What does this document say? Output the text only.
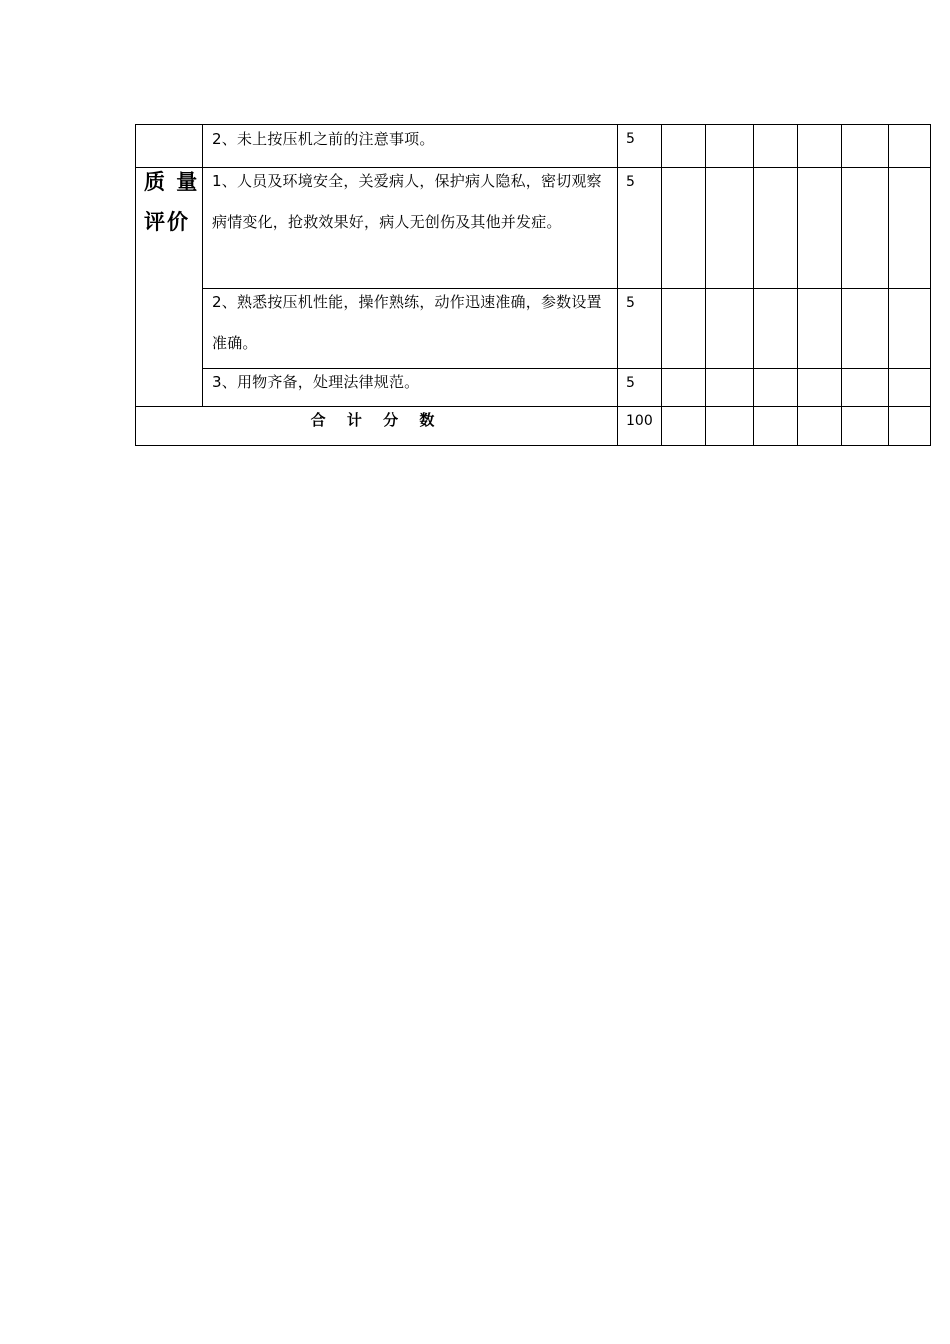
	2、未上按压机之前的注意事项。	5						

质 量
评价	1、人员及环境安全，关爱病人，保护病人隐私，密切观察病情变化，抢救效果好，病人无创伤及其他并发症。	5						

	2、熟悉按压机性能，操作熟练，动作迅速准确，参数设置准确。	5						

	3、用物齐备，处理法律规范。	5						

合 计 分 数		100						
